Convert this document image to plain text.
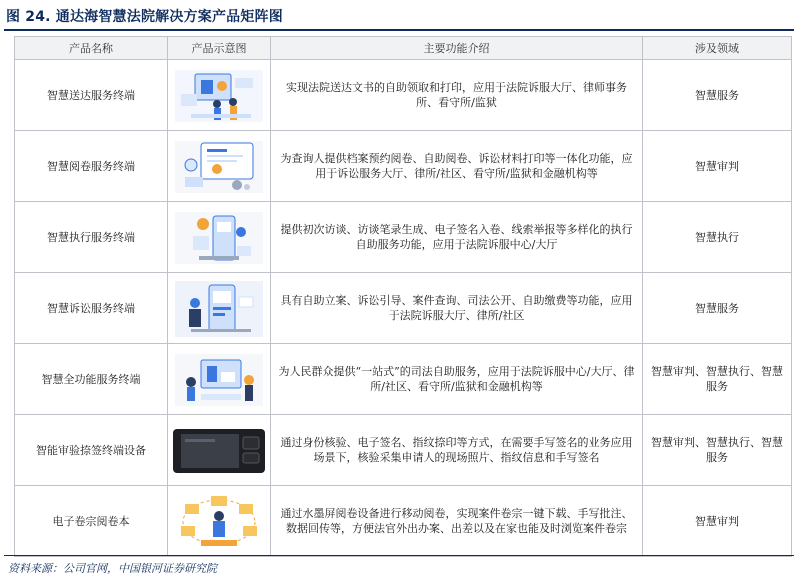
图 24. 通达海智慧法院解决方案产品矩阵图
产品名称	产品示意图	主要功能介绍	涉及领域
智慧送达服务终端		实现法院送达文书的自助领取和打印，应用于法院诉服大厅、律师事务所、看守所/监狱	智慧服务
智慧阅卷服务终端		为查询人提供档案预约阅卷、自助阅卷、诉讼材料打印等一体化功能，应用于诉讼服务大厅、律所/社区、看守所/监狱和金融机构等	智慧审判
智慧执行服务终端		提供初次访谈、访谈笔录生成、电子签名入卷、线索举报等多样化的执行自助服务功能，应用于法院诉服中心/大厅	智慧执行
智慧诉讼服务终端		具有自助立案、诉讼引导、案件查询、司法公开、自助缴费等功能，应用于法院诉服大厅、律所/社区	智慧服务
智慧全功能服务终端		为人民群众提供“一站式”的司法自助服务，应用于法院诉服中心/大厅、律所/社区、看守所/监狱和金融机构等	智慧审判、智慧执行、智慧服务
智能审验捺签终端设备		通过身份核验、电子签名、指纹捺印等方式，在需要手写签名的业务应用场景下，核验采集申请人的现场照片、指纹信息和手写签名	智慧审判、智慧执行、智慧服务
电子卷宗阅卷本		通过水墨屏阅卷设备进行移动阅卷，实现案件卷宗一键下载、手写批注、数据回传等，方便法官外出办案、出差以及在家也能及时浏览案件卷宗	智慧审判
资料来源：公司官网，中国银河证券研究院
